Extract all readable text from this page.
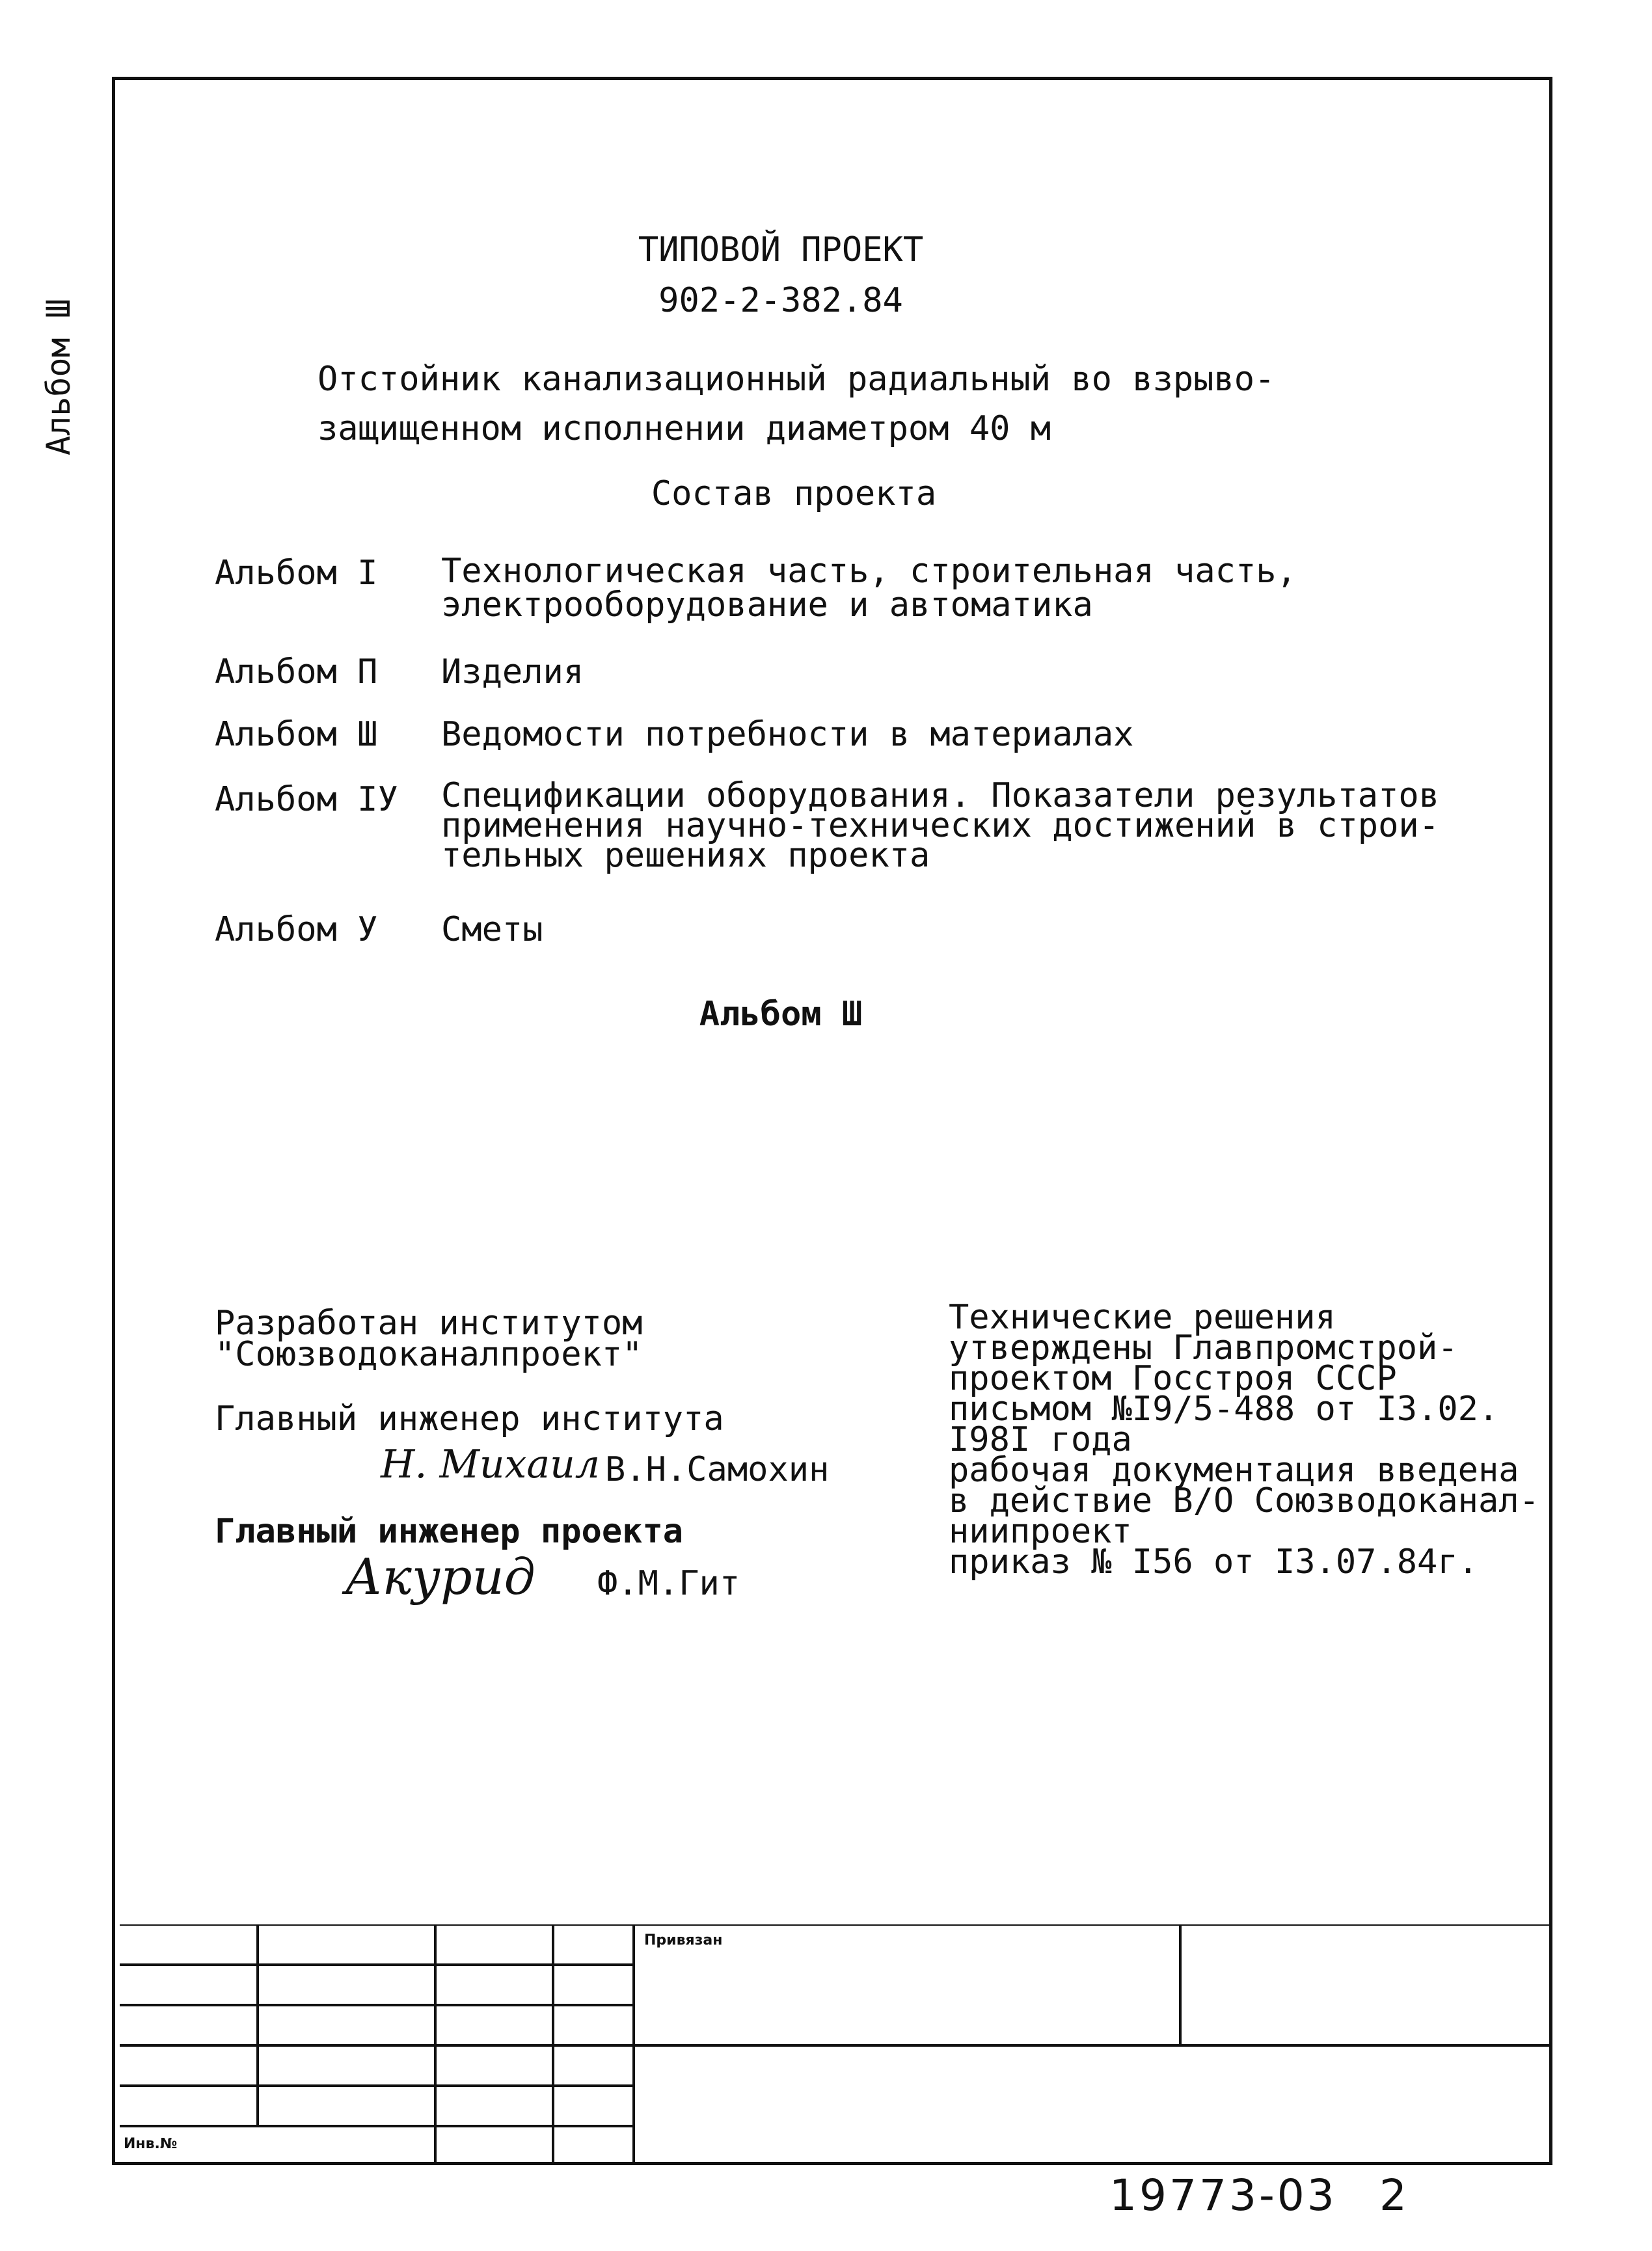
Альбом Ш
ТИПОВОЙ ПРОЕКТ
902-2-382.84
Отстойник канализационный радиальный во взрыво-
защищенном исполнении диаметром 40 м
Состав проекта
Альбом I	Технологическая часть, строительная часть, электрооборудование и автоматика
Альбом П	Изделия
Альбом Ш	Ведомости потребности в материалах
Альбом IУ	Спецификации оборудования. Показатели результатов применения научно-технических достижений в строи-тельных решениях проекта
Альбом У	Сметы
Альбом Ш
Разработан институтом
"Союзводоканалпроект"
Главный инженер института
Н. Михаил В.Н.Самохин
Главный инженер проекта
Акурид Ф.М.Гит
Технические решения
утверждены Главпромстрой-
проектом Госстроя СССР
письмом №I9/5-488 от I3.02.
I98I года
рабочая документация введена
в действие В/О Союзводоканал-
ниипроект
приказ № I56 от I3.07.84г.
Привязан
Инв.№
19773-03 2
